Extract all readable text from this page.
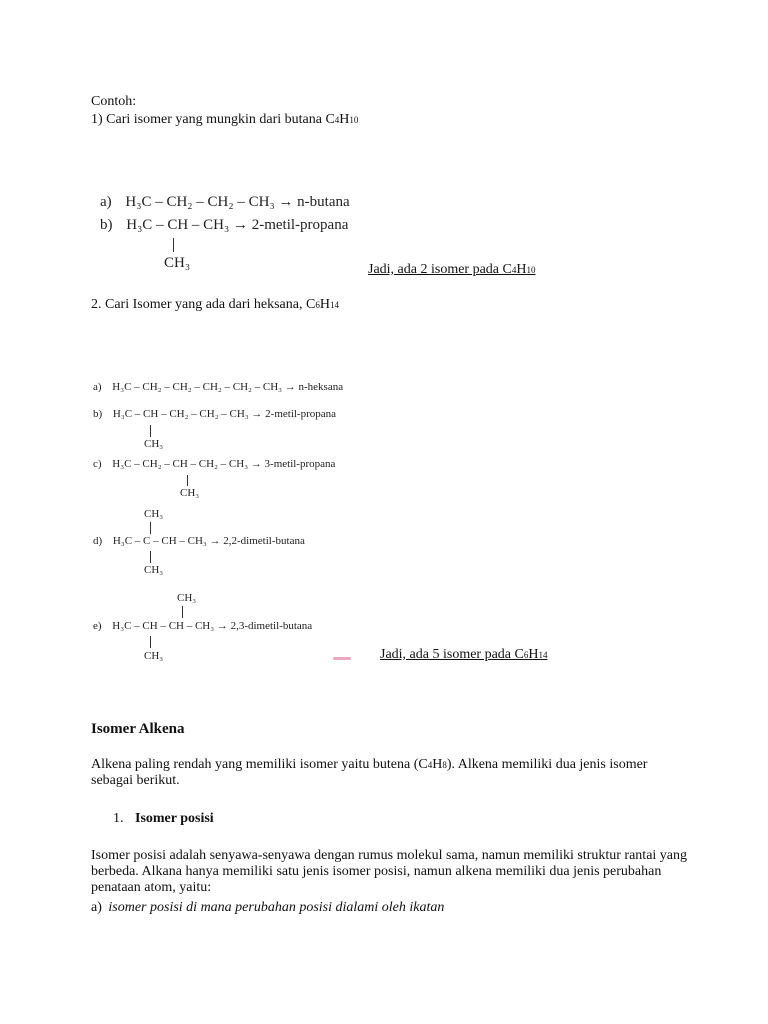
Contoh:
1) Cari isomer yang mungkin dari butana C4H10
a) H₃C – CH₂ – CH₂ – CH₃ → n-butana
b) H₃C – CH – CH₃ → 2-metil-propana
CH₃	Jadi, ada 2 isomer pada C4H10
2. Cari Isomer yang ada dari heksana, C6H14
a) H₃C – CH₂ – CH₂ – CH₂ – CH₂ – CH₃ → n-heksana
b) H₃C – CH – CH₂ – CH₂ – CH₃ → 2-metil-propana
CH₃
c) H₃C – CH₂ – CH – CH₂ – CH₃ → 3-metil-propana
CH₃
CH₃
d) H₃C – C – CH – CH₃ → 2,2-dimetil-butana
CH₃
CH₃
e) H₃C – CH – CH – CH₃ → 2,3-dimetil-butana
CH₃	Jadi, ada 5 isomer pada C6H14
Isomer Alkena
Alkena paling rendah yang memiliki isomer yaitu butena (C4H8). Alkena memiliki dua jenis isomer sebagai berikut.
1. Isomer posisi
Isomer posisi adalah senyawa-senyawa dengan rumus molekul sama, namun memiliki struktur rantai yang berbeda. Alkana hanya memiliki satu jenis isomer posisi, namun alkena memiliki dua jenis perubahan penataan atom, yaitu:
a) isomer posisi di mana perubahan posisi dialami oleh ikatan
